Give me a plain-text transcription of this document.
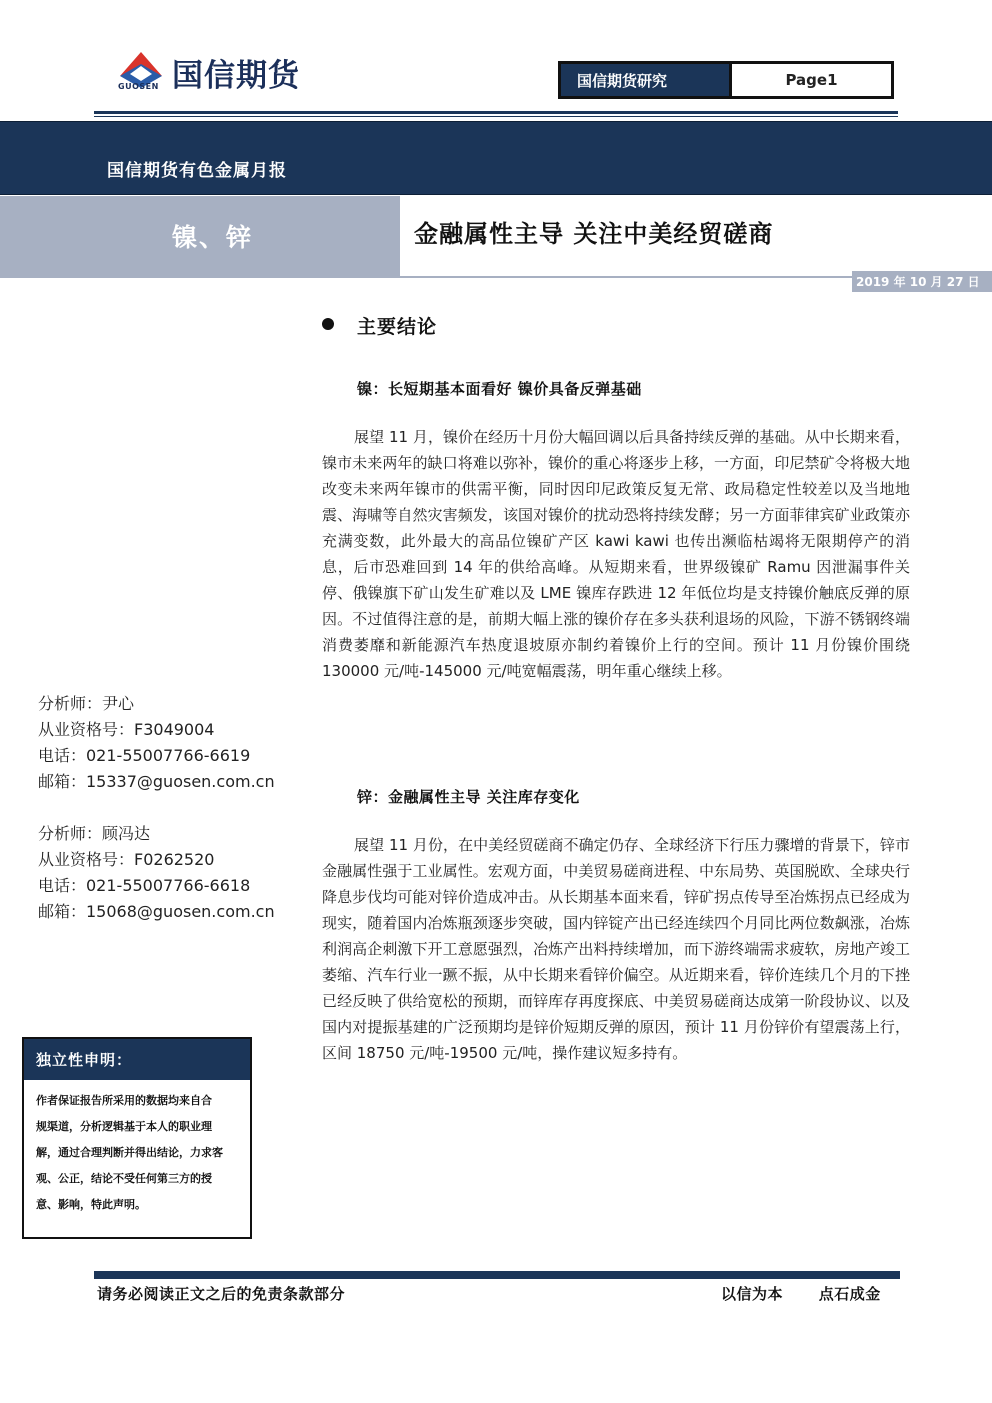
国信期货
GUOSEN	国信期货研究	Page1
国信期货有色金属月报
镍、锌	金融属性主导 关注中美经贸磋商
2019 年 10 月 27 日
主要结论
镍：长短期基本面看好 镍价具备反弹基础
展望 11 月，镍价在经历十月份大幅回调以后具备持续反弹的基础。从中长期来看，镍市未来两年的缺口将难以弥补，镍价的重心将逐步上移，一方面，印尼禁矿令将极大地改变未来两年镍市的供需平衡，同时因印尼政策反复无常、政局稳定性较差以及当地地震、海啸等自然灾害频发，该国对镍价的扰动恐将持续发酵；另一方面菲律宾矿业政策亦充满变数，此外最大的高品位镍矿产区 kawi kawi 也传出濒临枯竭将无限期停产的消息，后市恐难回到 14 年的供给高峰。从短期来看，世界级镍矿 Ramu 因泄漏事件关停、俄镍旗下矿山发生矿难以及 LME 镍库存跌进 12 年低位均是支持镍价触底反弹的原因。不过值得注意的是，前期大幅上涨的镍价存在多头获利退场的风险，下游不锈钢终端消费萎靡和新能源汽车热度退坡原亦制约着镍价上行的空间。预计 11 月份镍价围绕 130000 元/吨-145000 元/吨宽幅震荡，明年重心继续上移。
锌：金融属性主导 关注库存变化
展望 11 月份，在中美经贸磋商不确定仍存、全球经济下行压力骤增的背景下，锌市金融属性强于工业属性。宏观方面，中美贸易磋商进程、中东局势、英国脱欧、全球央行降息步伐均可能对锌价造成冲击。从长期基本面来看，锌矿拐点传导至冶炼拐点已经成为现实，随着国内冶炼瓶颈逐步突破，国内锌锭产出已经连续四个月同比两位数飙涨，冶炼利润高企刺激下开工意愿强烈，冶炼产出料持续增加，而下游终端需求疲软，房地产竣工萎缩、汽车行业一蹶不振，从中长期来看锌价偏空。从近期来看，锌价连续几个月的下挫已经反映了供给宽松的预期，而锌库存再度探底、中美贸易磋商达成第一阶段协议、以及国内对提振基建的广泛预期均是锌价短期反弹的原因，预计 11 月份锌价有望震荡上行，区间 18750 元/吨-19500 元/吨，操作建议短多持有。
分析师：尹心
从业资格号：F3049004
电话：021-55007766-6619
邮箱：15337@guosen.com.cn
分析师：顾冯达
从业资格号：F0262520
电话：021-55007766-6618
邮箱：15068@guosen.com.cn
独立性申明：
作者保证报告所采用的数据均来自合
规渠道，分析逻辑基于本人的职业理
解，通过合理判断并得出结论，力求客
观、公正，结论不受任何第三方的授
意、影响，特此声明。
请务必阅读正文之后的免责条款部分	以信为本 点石成金
